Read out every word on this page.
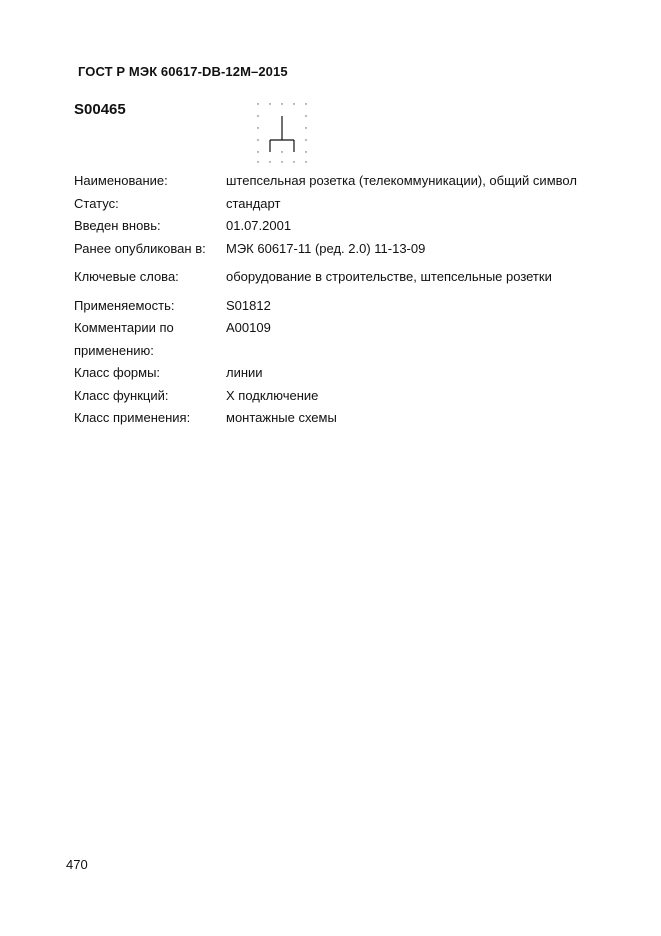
ГОСТ Р МЭК 60617-DB-12M–2015
S00465
Наименование:	штепсельная розетка (телекоммуникации), общий символ
Статус:	стандарт
Введен вновь:	01.07.2001
Ранее опубликован в:	МЭК 60617-11 (ред. 2.0) 11-13-09
Ключевые слова:	оборудование в строительстве, штепсельные розетки
Применяемость:	S01812
Комментарии по применению:
A00109
Класс формы:	линии
Класс функций:	X подключение
Класс применения:	монтажные схемы
470
